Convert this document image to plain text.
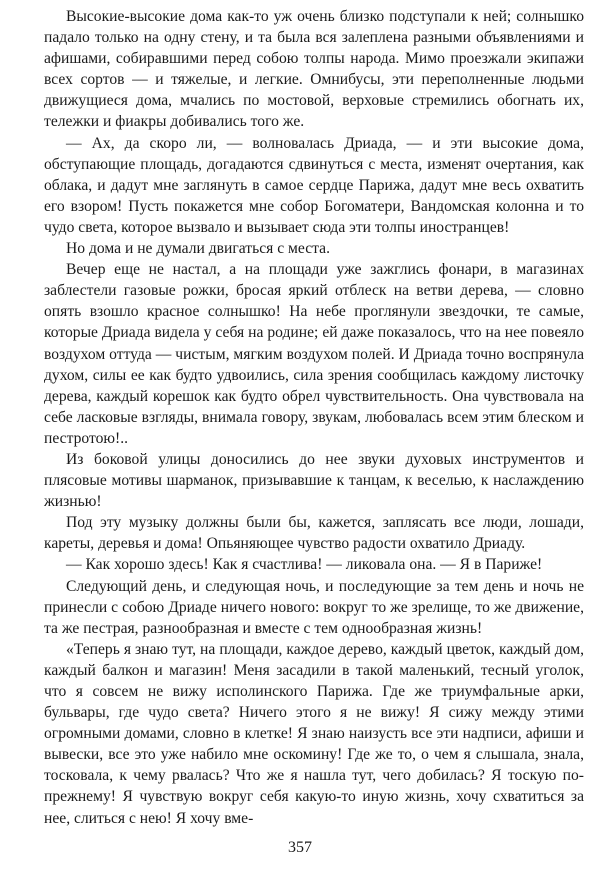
Высокие-высокие дома как-то уж очень близко подступали к ней; солнышко падало только на одну стену, и та была вся залеплена разными объявлениями и афишами, собиравшими перед собою толпы народа. Мимо проезжали экипажи всех сортов — и тяжелые, и легкие. Омнибусы, эти переполненные людьми движущиеся дома, мчались по мостовой, верховые стремились обогнать их, тележки и фиакры добивались того же.

— Ах, да скоро ли, — волновалась Дриада, — и эти высокие дома, обступающие площадь, догадаются сдвинуться с места, изменят очертания, как облака, и дадут мне заглянуть в самое сердце Парижа, дадут мне весь охватить его взором! Пусть покажется мне собор Богоматери, Вандомская колонна и то чудо света, которое вызвало и вызывает сюда эти толпы иностранцев!

Но дома и не думали двигаться с места.

Вечер еще не настал, а на площади уже зажглись фонари, в магазинах заблестели газовые рожки, бросая яркий отблеск на ветви дерева, — словно опять взошло красное солнышко! На небе проглянули звездочки, те самые, которые Дриада видела у себя на родине; ей даже показалось, что на нее повеяло воздухом оттуда — чистым, мягким воздухом полей. И Дриада точно воспрянула духом, силы ее как будто удвоились, сила зрения сообщилась каждому листочку дерева, каждый корешок как будто обрел чувствительность. Она чувствовала на себе ласковые взгляды, внимала говору, звукам, любовалась всем этим блеском и пестротою!..

Из боковой улицы доносились до нее звуки духовых инструментов и плясовые мотивы шарманок, призывавшие к танцам, к веселью, к наслаждению жизнью!

Под эту музыку должны были бы, кажется, заплясать все люди, лошади, кареты, деревья и дома! Опьяняющее чувство радости охватило Дриаду.

— Как хорошо здесь! Как я счастлива! — ликовала она. — Я в Париже!

Следующий день, и следующая ночь, и последующие за тем день и ночь не принесли с собою Дриаде ничего нового: вокруг то же зрелище, то же движение, та же пестрая, разнообразная и вместе с тем однообразная жизнь!

«Теперь я знаю тут, на площади, каждое дерево, каждый цветок, каждый дом, каждый балкон и магазин! Меня засадили в такой маленький, тесный уголок, что я совсем не вижу исполинского Парижа. Где же триумфальные арки, бульвары, где чудо света? Ничего этого я не вижу! Я сижу между этими огромными домами, словно в клетке! Я знаю наизусть все эти надписи, афиши и вывески, все это уже набило мне оскомину! Где же то, о чем я слышала, знала, тосковала, к чему рвалась? Что же я нашла тут, чего добилась? Я тоскую по-прежнему! Я чувствую вокруг себя какую-то иную жизнь, хочу схватиться за нее, слиться с нею! Я хочу вме-

357
